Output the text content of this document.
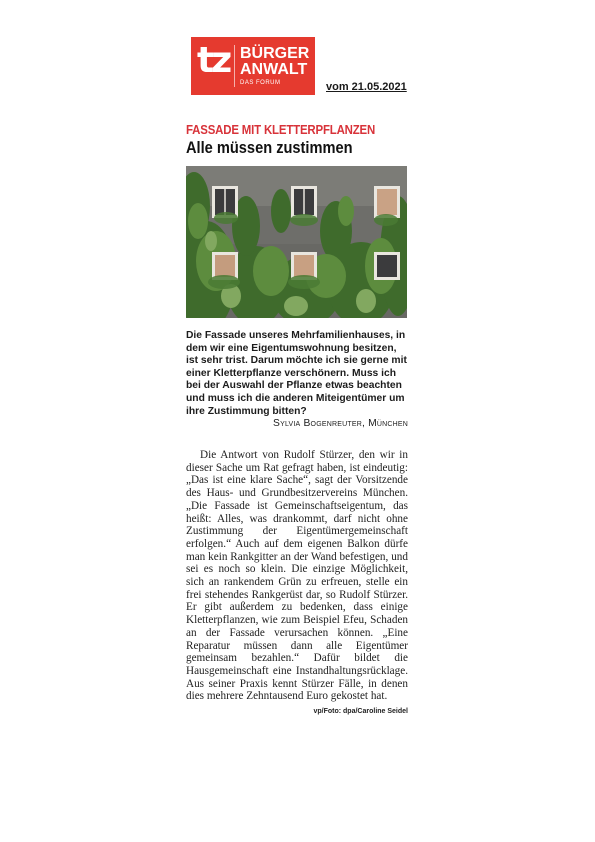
tz BÜRGER
ANWALT
DAS FORUM	vom 21.05.2021
FASSADE MIT KLETTERPFLANZEN
Alle müssen zustimmen

Die Fassade unseres Mehrfamilienhauses, in dem wir eine Eigentumswohnung besitzen, ist sehr trist. Darum möchte ich sie gerne mit einer Kletterpflanze verschönern. Muss ich bei der Auswahl der Pflanze etwas beachten und muss ich die anderen Miteigentümer um ihre Zustimmung bitten?
Sylvia Bogenreuter, München

Die Antwort von Rudolf Stürzer, den wir in dieser Sache um Rat gefragt haben, ist eindeutig: „Das ist eine klare Sache“, sagt der Vorsitzende des Haus- und Grundbesitzervereins München. „Die Fassade ist Gemeinschaftseigentum, das heißt: Alles, was drankommt, darf nicht ohne Zustimmung der Eigentümergemeinschaft erfolgen.“ Auch auf dem eigenen Balkon dürfe man kein Rankgitter an der Wand befestigen, und sei es noch so klein. Die einzige Möglichkeit, sich an rankendem Grün zu erfreuen, stelle ein frei stehendes Rankgerüst dar, so Rudolf Stürzer. Er gibt außerdem zu bedenken, dass einige Kletterpflanzen, wie zum Beispiel Efeu, Schaden an der Fassade verursachen können. „Eine Reparatur müssen dann alle Eigentümer gemeinsam bezahlen.“ Dafür bildet die Hausgemeinschaft eine Instandhaltungsrücklage. Aus seiner Praxis kennt Stürzer Fälle, in denen dies mehrere Zehntausend Euro gekostet hat.
vp/Foto: dpa/Caroline Seidel
